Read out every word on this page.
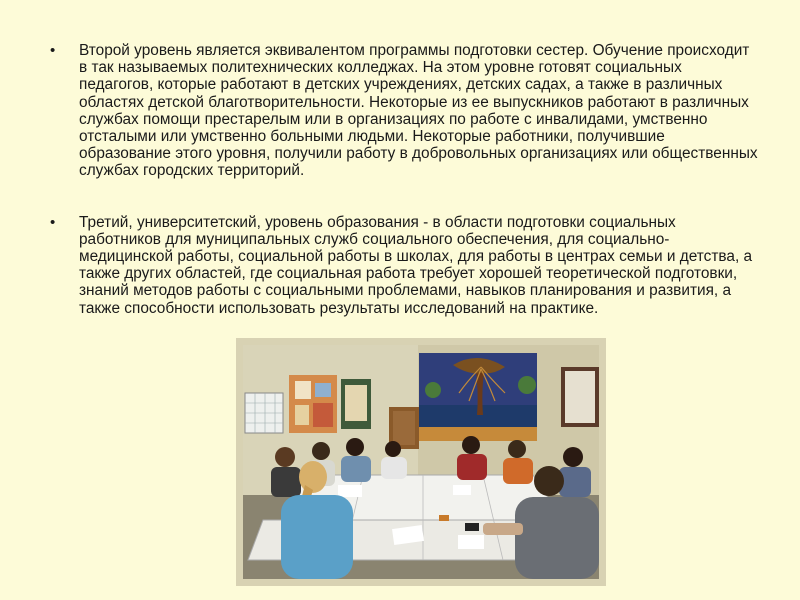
• Второй уровень является эквивалентом программы подготовки сестер. Обучение происходит в так называемых политехнических колледжах. На этом уровне готовят социальных педагогов, которые работают в детских учреждениях, детских садах, а также в различных областях детской благотворительности. Некоторые из ее выпускников работают в различных службах помощи престарелым или в организациях по работе с инвалидами, умственно отсталыми или умственно больными людьми. Некоторые работники, получившие образование этого уровня, получили работу в добровольных организациях или общественных службах городских территорий.
• Третий, университетский, уровень образования - в области подготовки социальных работников для муниципальных служб социального обеспечения, для социально-медицинской работы, социальной работы в школах, для работы в центрах семьи и детства, а также других областей, где социальная работа требует хорошей теоретической подготовки, знаний методов работы с социальными проблемами, навыков планирования и развития, а также способности использовать результаты исследований на практике.
